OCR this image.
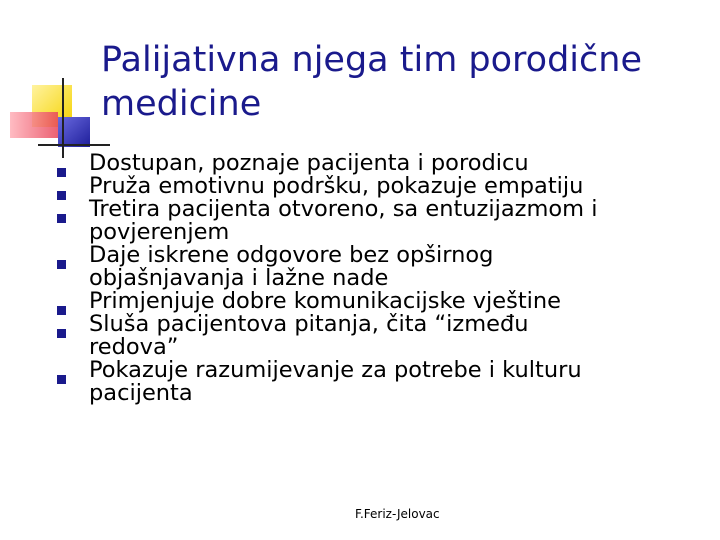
Palijativna njega tim porodične
medicine
Dostupan, poznaje pacijenta i porodicu
Pruža emotivnu podršku, pokazuje empatiju
Tretira pacijenta otvoreno, sa entuzijazmom i
povjerenjem
Daje iskrene odgovore bez opširnog
objašnjavanja i lažne nade
Primjenjuje dobre komunikacijske vještine
Sluša pacijentova pitanja, čita “između
redova”
Pokazuje razumijevanje za potrebe i kulturu
pacijenta
F.Feriz-Jelovac
